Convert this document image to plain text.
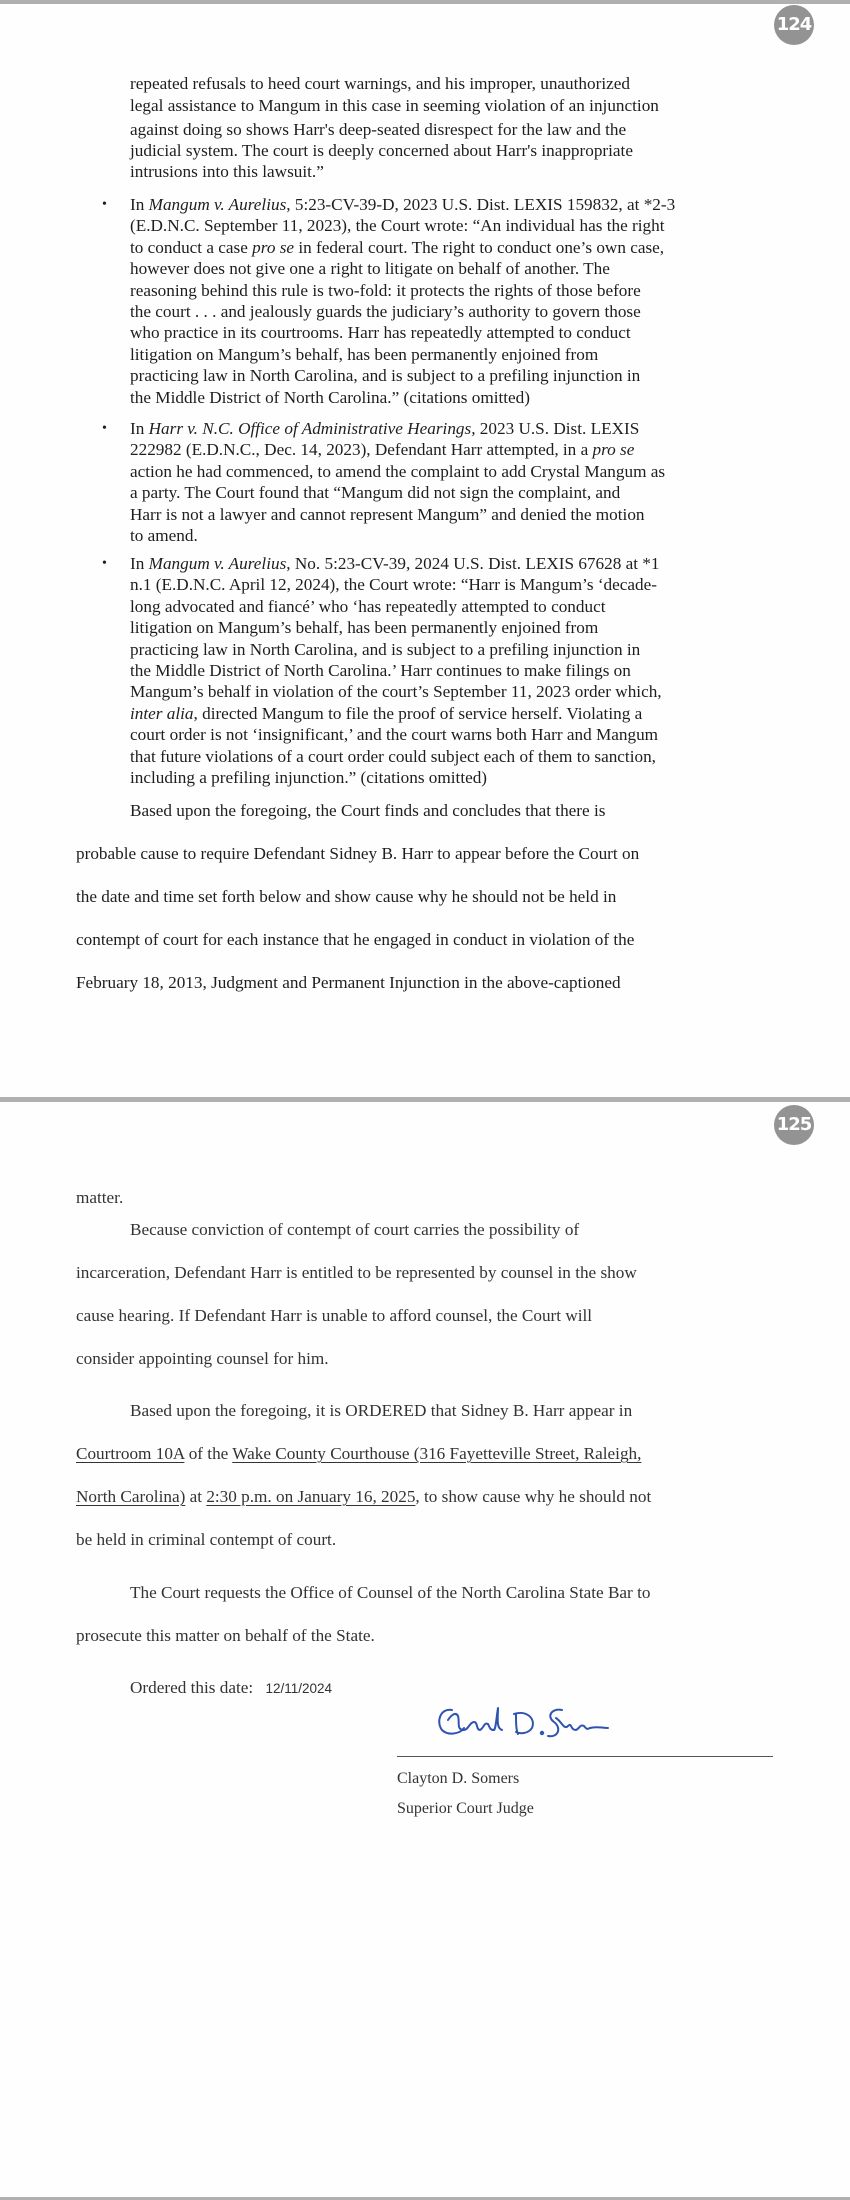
124
repeated refusals to heed court warnings, and his improper, unauthorized
legal assistance to Mangum in this case in seeming violation of an injunction
against doing so shows Harr's deep-seated disrespect for the law and the
judicial system. The court is deeply concerned about Harr's inappropriate
intrusions into this lawsuit.”
• In Mangum v. Aurelius, 5:23-CV-39-D, 2023 U.S. Dist. LEXIS 159832, at *2-3
(E.D.N.C. September 11, 2023), the Court wrote: “An individual has the right
to conduct a case pro se in federal court. The right to conduct one’s own case,
however does not give one a right to litigate on behalf of another. The
reasoning behind this rule is two-fold: it protects the rights of those before
the court . . . and jealously guards the judiciary’s authority to govern those
who practice in its courtrooms. Harr has repeatedly attempted to conduct
litigation on Mangum’s behalf, has been permanently enjoined from
practicing law in North Carolina, and is subject to a prefiling injunction in
the Middle District of North Carolina.” (citations omitted)
• In Harr v. N.C. Office of Administrative Hearings, 2023 U.S. Dist. LEXIS
222982 (E.D.N.C., Dec. 14, 2023), Defendant Harr attempted, in a pro se
action he had commenced, to amend the complaint to add Crystal Mangum as
a party. The Court found that “Mangum did not sign the complaint, and
Harr is not a lawyer and cannot represent Mangum” and denied the motion
to amend.
• In Mangum v. Aurelius, No. 5:23-CV-39, 2024 U.S. Dist. LEXIS 67628 at *1
n.1 (E.D.N.C. April 12, 2024), the Court wrote: “Harr is Mangum’s ‘decade-
long advocated and fiancé’ who ‘has repeatedly attempted to conduct
litigation on Mangum’s behalf, has been permanently enjoined from
practicing law in North Carolina, and is subject to a prefiling injunction in
the Middle District of North Carolina.’ Harr continues to make filings on
Mangum’s behalf in violation of the court’s September 11, 2023 order which,
inter alia, directed Mangum to file the proof of service herself. Violating a
court order is not ‘insignificant,’ and the court warns both Harr and Mangum
that future violations of a court order could subject each of them to sanction,
including a prefiling injunction.” (citations omitted)
Based upon the foregoing, the Court finds and concludes that there is
probable cause to require Defendant Sidney B. Harr to appear before the Court on
the date and time set forth below and show cause why he should not be held in
contempt of court for each instance that he engaged in conduct in violation of the
February 18, 2013, Judgment and Permanent Injunction in the above-captioned
125
matter.
Because conviction of contempt of court carries the possibility of
incarceration, Defendant Harr is entitled to be represented by counsel in the show
cause hearing. If Defendant Harr is unable to afford counsel, the Court will
consider appointing counsel for him.
Based upon the foregoing, it is ORDERED that Sidney B. Harr appear in
Courtroom 10A of the Wake County Courthouse (316 Fayetteville Street, Raleigh,
North Carolina) at 2:30 p.m. on January 16, 2025, to show cause why he should not
be held in criminal contempt of court.
The Court requests the Office of Counsel of the North Carolina State Bar to
prosecute this matter on behalf of the State.
Ordered this date: 12/11/2024
Clayton D. Somers
Superior Court Judge
